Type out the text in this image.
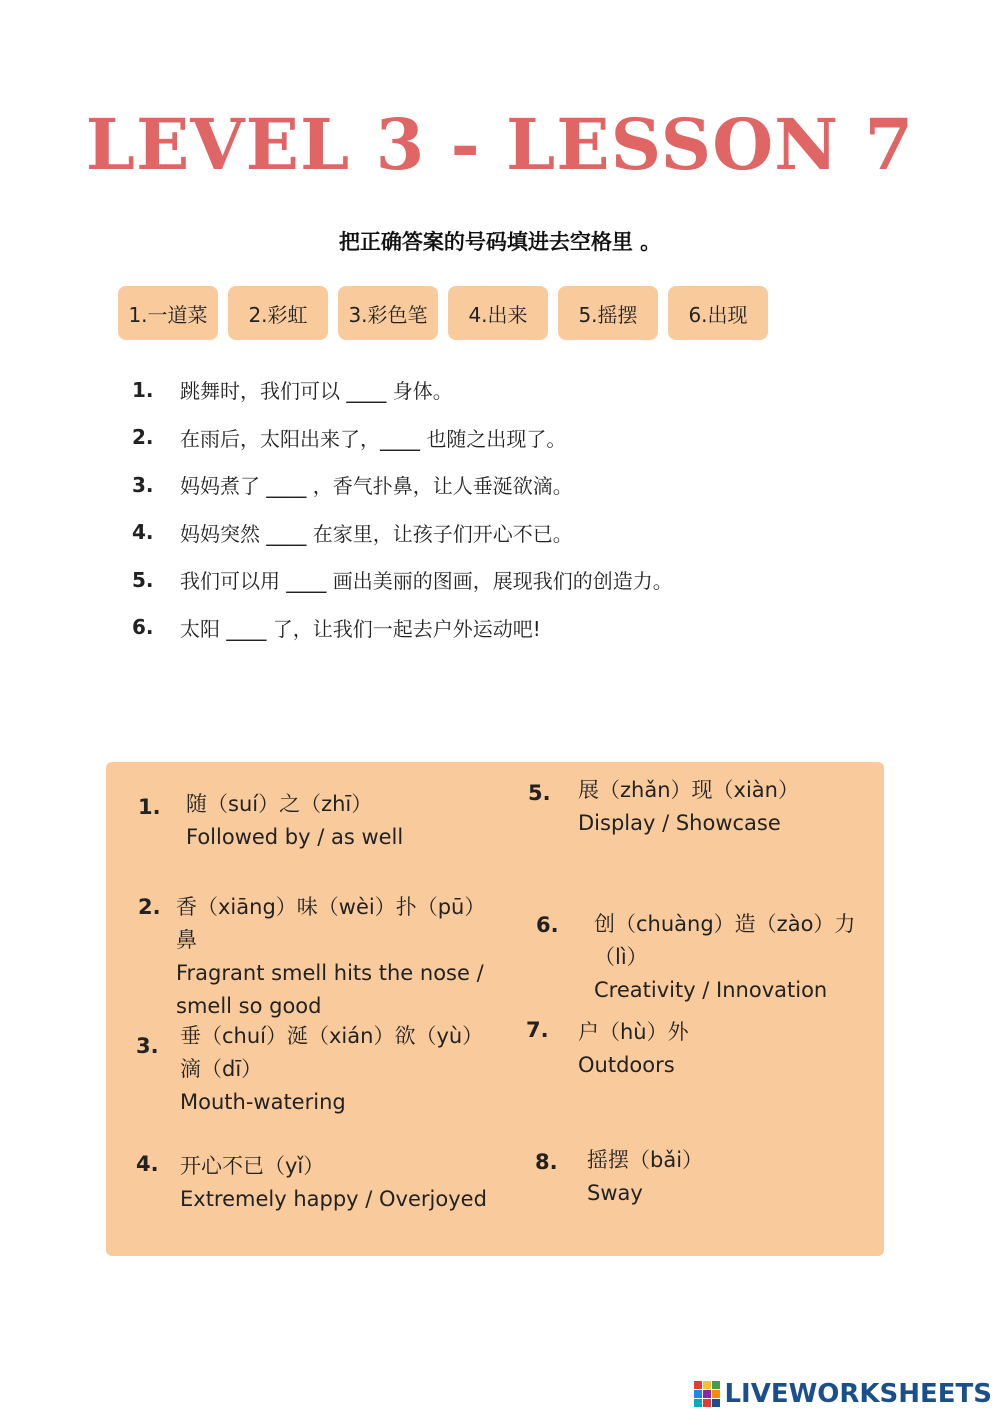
LEVEL 3 - LESSON 7
把正确答案的号码填进去空格里 。
1.一道菜	2.彩虹	3.彩色笔	4.出来	5.摇摆	6.出现
1.	跳舞时，我们可以 ____ 身体。
2.	在雨后，太阳出来了，____ 也随之出现了。
3.	妈妈煮了 ____ ，香气扑鼻，让人垂涎欲滴。
4.	妈妈突然 ____ 在家里，让孩子们开心不已。
5.	我们可以用 ____ 画出美丽的图画，展现我们的创造力。
6.	太阳 ____ 了，让我们一起去户外运动吧!
1. 随（suí）之（zhī）
Followed by / as well
2. 香（xiāng）味（wèi）扑（pū）鼻
Fragrant smell hits the nose / smell so good
3. 垂（chuí）涎（xián）欲（yù）滴（dī）
Mouth-watering
4. 开心不已（yǐ）
Extremely happy / Overjoyed
5. 展（zhǎn）现（xiàn）
Display / Showcase
6. 创（chuàng）造（zào）力（lì）
Creativity / Innovation
7. 户（hù）外
Outdoors
8. 摇摆（bǎi）
Sway
LIVEWORKSHEETS
